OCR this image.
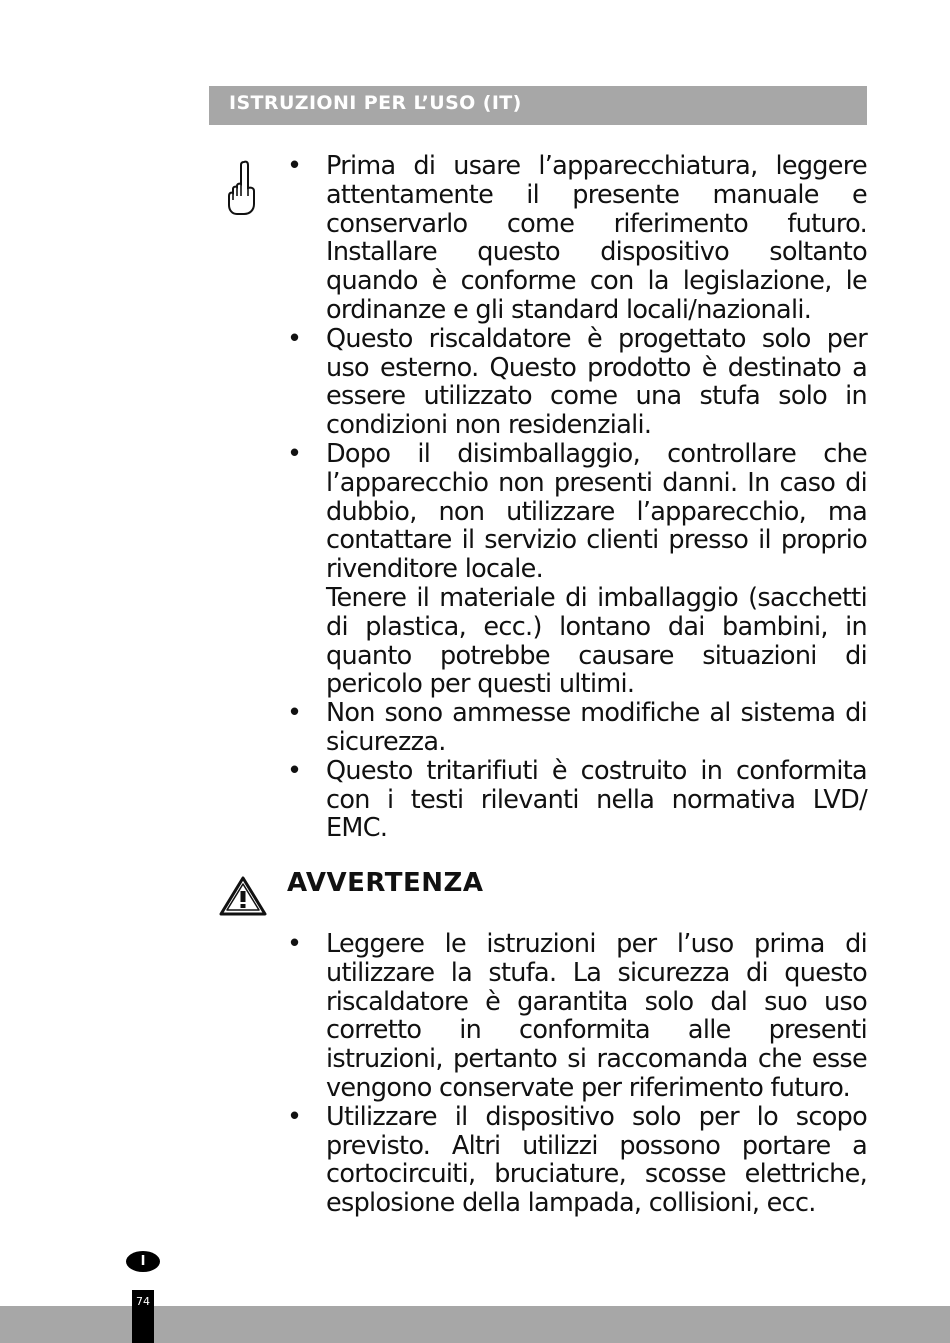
ISTRUZIONI PER L’USO (IT)
• Prima di usare l’apparecchiatura, leggere attentamente il presente manuale e conservarlo come riferimento futuro. Installare questo dispositivo soltanto quando è conforme con la legislazione, le ordinanze e gli standard locali/nazionali.
• Questo riscaldatore è progettato solo per uso esterno. Questo prodotto è destinato a essere utilizzato come una stufa solo in condizioni non residenziali.
• Dopo il disimballaggio, controllare che l’apparecchio non presenti danni. In caso di dubbio, non utilizzare l’apparecchio, ma contattare il servizio clienti presso il proprio rivenditore locale.
Tenere il materiale di imballaggio (sacchetti di plastica, ecc.) lontano dai bambini, in quanto potrebbe causare situazioni di pericolo per questi ultimi.
• Non sono ammesse modifiche al sistema di sicurezza.
• Questo tritarifiuti è costruito in conformita con i testi rilevanti nella normativa LVD/ EMC.
AVVERTENZA
• Leggere le istruzioni per l’uso prima di utilizzare la stufa. La sicurezza di questo riscaldatore è garantita solo dal suo uso corretto in conformita alle presenti istruzioni, pertanto si raccomanda che esse vengono conservate per riferimento futuro.
• Utilizzare il dispositivo solo per lo scopo previsto. Altri utilizzi possono portare a cortocircuiti, bruciature, scosse elettriche, esplosione della lampada, collisioni, ecc.
I
74
